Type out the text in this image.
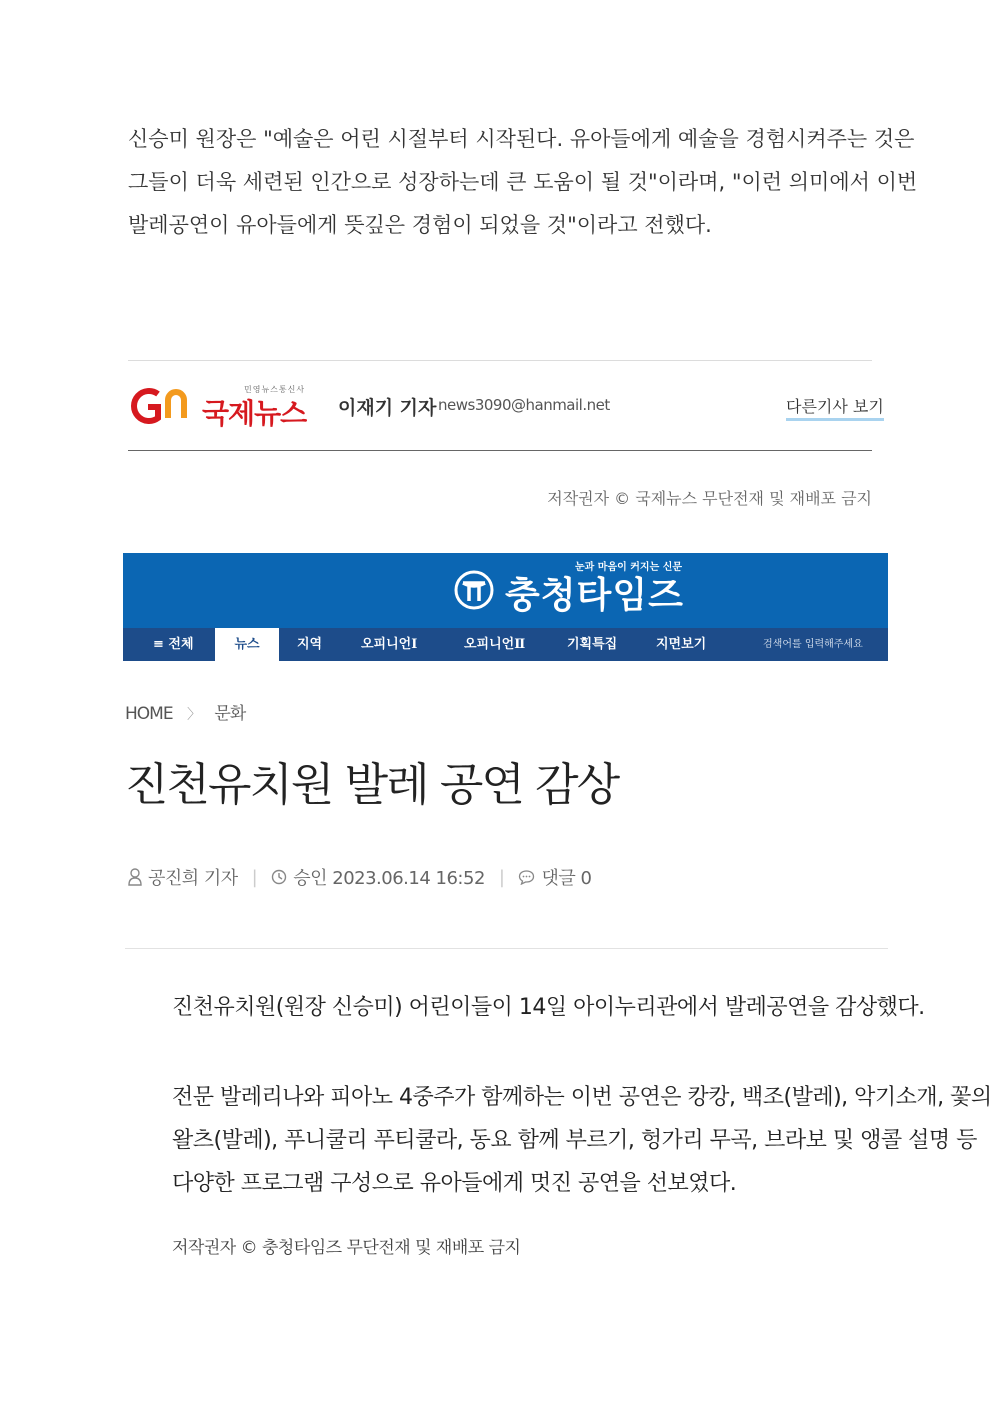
신승미 원장은 "예술은 어린 시절부터 시작된다. 유아들에게 예술을 경험시켜주는 것은
그들이 더욱 세련된 인간으로 성장하는데 큰 도움이 될 것"이라며, "이런 의미에서 이번
발레공연이 유아들에게 뜻깊은 경험이 되었을 것"이라고 전했다.
민영뉴스통신사
국제뉴스 이재기 기자 news3090@hanmail.net	다른기사 보기
저작권자 © 국제뉴스 무단전재 및 재배포 금지
눈과 마음이 커지는 신문
충청타임즈
≡ 전체	뉴스	지역	오피니언Ⅰ	오피니언Ⅱ	기획특집	지면보기	검색어를 입력해주세요
HOME 〉 문화
진천유치원 발레 공연 감상
공진희 기자 | 승인 2023.06.14 16:52 | 댓글 0
진천유치원(원장 신승미) 어린이들이 14일 아이누리관에서 발레공연을 감상했다.
전문 발레리나와 피아노 4중주가 함께하는 이번 공연은 캉캉, 백조(발레), 악기소개, 꽃의
왈츠(발레), 푸니쿨리 푸티쿨라, 동요 함께 부르기, 헝가리 무곡, 브라보 및 앵콜 설명 등
다양한 프로그램 구성으로 유아들에게 멋진 공연을 선보였다.
저작권자 © 충청타임즈 무단전재 및 재배포 금지
